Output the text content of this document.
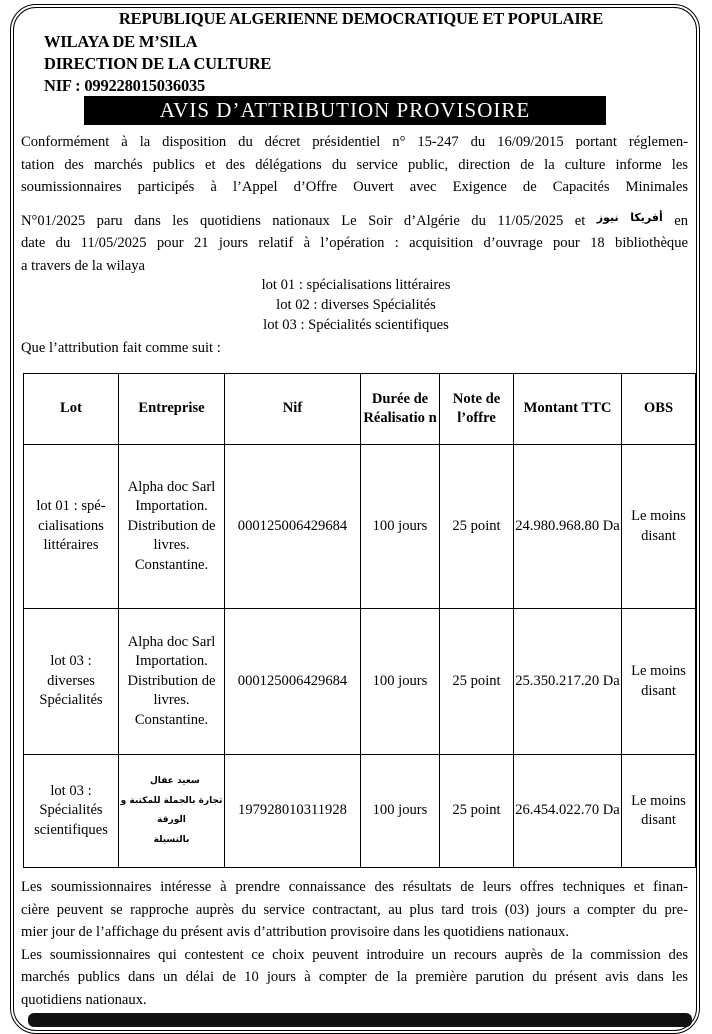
REPUBLIQUE ALGERIENNE DEMOCRATIQUE ET POPULAIRE
WILAYA DE M’SILA
DIRECTION DE LA CULTURE
NIF : 099228015036035
AVIS D’ATTRIBUTION PROVISOIRE
Conformément à la disposition du décret présidentiel n° 15-247 du 16/09/2015 portant réglemen-
tation des marchés publics et des délégations du service public, direction de la culture informe les
soumissionnaires participés à l’Appel d’Offre Ouvert avec Exigence de Capacités Minimales
N°01/2025 paru dans les quotidiens nationaux Le Soir d’Algérie du 11/05/2025 et $^{أفريكا نيوز}$ en
date du 11/05/2025 pour 21 jours relatif à l’opération : acquisition d’ouvrage pour 18 bibliothèque
a travers de la wilaya
lot 01 : spécialisations littéraires
lot 02 : diverses Spécialités
lot 03 : Spécialités scientifiques
Que l’attribution fait comme suit :
Lot	Entreprise	Nif	Durée de Réalisatio n	Note de l’offre	Montant TTC	OBS
lot 01 : spé-cialisations littéraires	Alpha doc Sarl Importation. Distribution de livres. Constantine.	000125006429684	100 jours	25 point	24.980.968.80 Da	Le moins disant
lot 03 : diverses Spécialités	Alpha doc Sarl Importation. Distribution de livres. Constantine.	000125006429684	100 jours	25 point	25.350.217.20 Da	Le moins disant
lot 03 : Spécialités scientifiques	سعيد عقال
تجارة بالجملة للمكتبة و الورقة
بالتسيلة	197928010311928	100 jours	25 point	26.454.022.70 Da	Le moins disant
Les soumissionnaires intéresse à prendre connaissance des résultats de leurs offres techniques et finan-
cière peuvent se rapproche auprès du service contractant, au plus tard trois (03) jours a compter du pre-
mier jour de l’affichage du présent avis d’attribution provisoire dans les quotidiens nationaux.
Les soumissionnaires qui contestent ce choix peuvent introduire un recours auprès de la commission des
marchés publics dans un délai de 10 jours à compter de la première parution du présent avis dans les
quotidiens nationaux.
